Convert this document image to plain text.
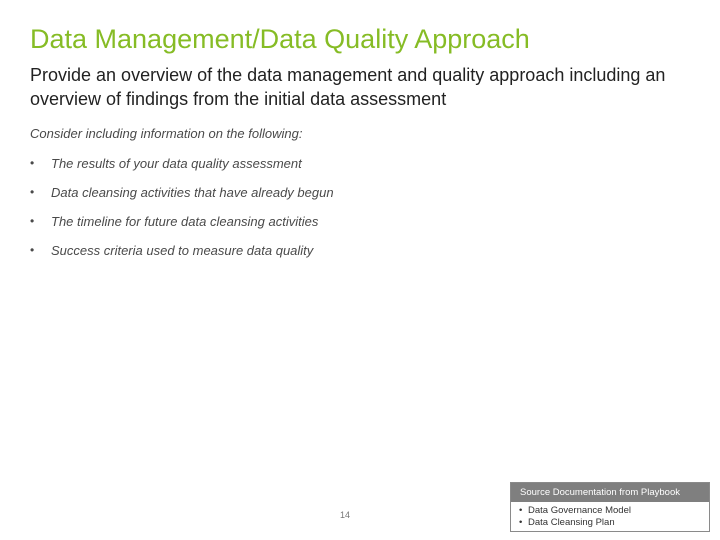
Data Management/Data Quality Approach
Provide an overview of the data management and quality approach including an overview of findings from the initial data assessment
Consider including information on the following:
• The results of your data quality assessment
• Data cleansing activities that have already begun
• The timeline for future data cleansing activities
• Success criteria used to measure data quality
14
Source Documentation from Playbook
• Data Governance Model
• Data Cleansing Plan
